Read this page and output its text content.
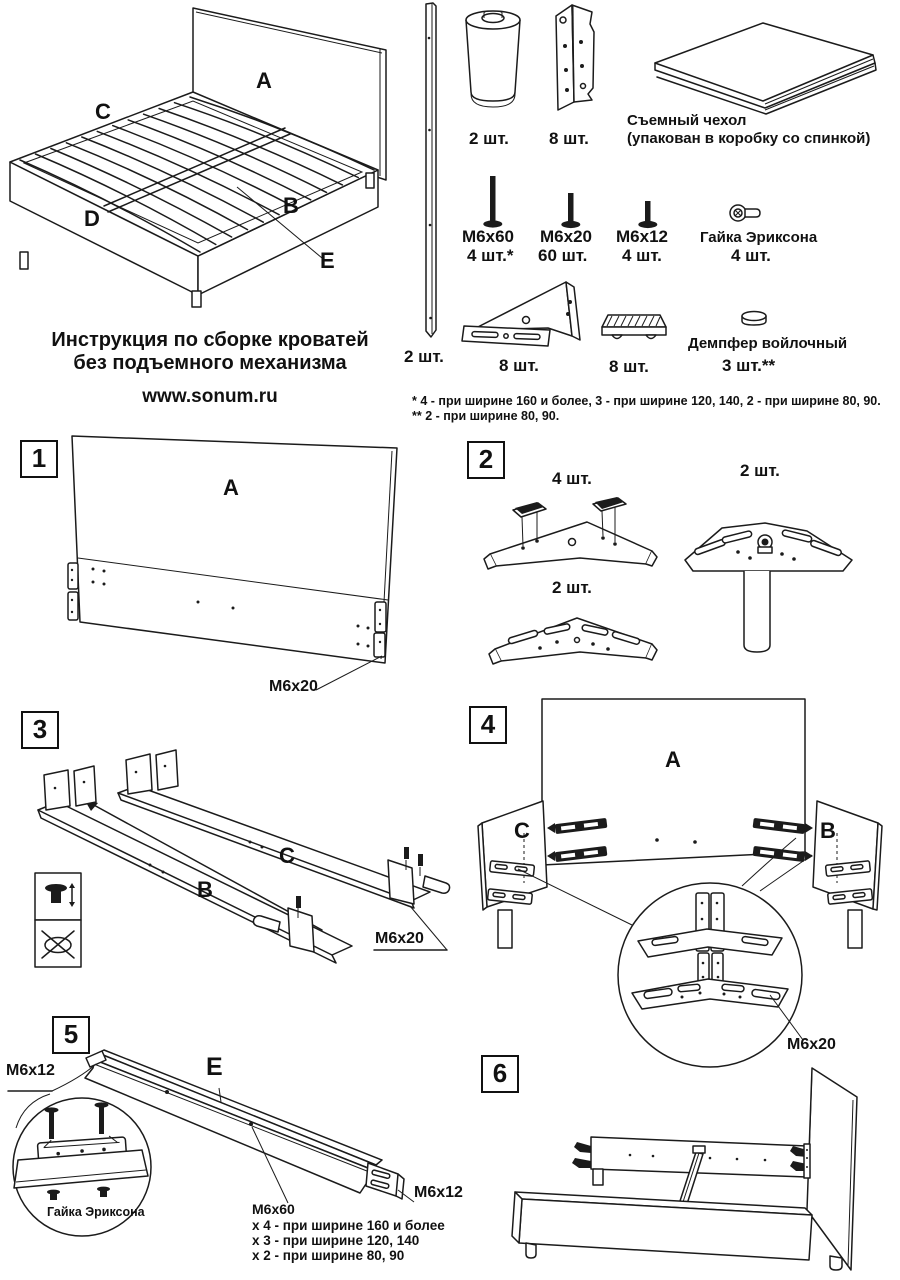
A
C
B
D
E
Инструкция по сборке кроватей
без подъемного механизма
www.sonum.ru
2 шт.
2 шт. 8 шт.
Съемный чехол
(упакован в коробку со спинкой)
M6x60
4 шт.*
M6x20
60 шт.
M6x12
4 шт.
Гайка Эриксона
4 шт.
8 шт.	8 шт.
Демпфер войлочный
3 шт.**
* 4 - при ширине 160 и более, 3 - при ширине 120, 140, 2 - при ширине 80, 90.
** 2 - при ширине 80, 90.
1
A
M6x20
2
4 шт.	2 шт.
2 шт.
3
C
B
M6x20
4
A
C	B
M6x20
5
M6x12	E
M6x12
Гайка Эриксона	M6x60
х 4 - при ширине 160 и более
х 3 - при ширине 120, 140
х 2 - при ширине 80, 90
6
